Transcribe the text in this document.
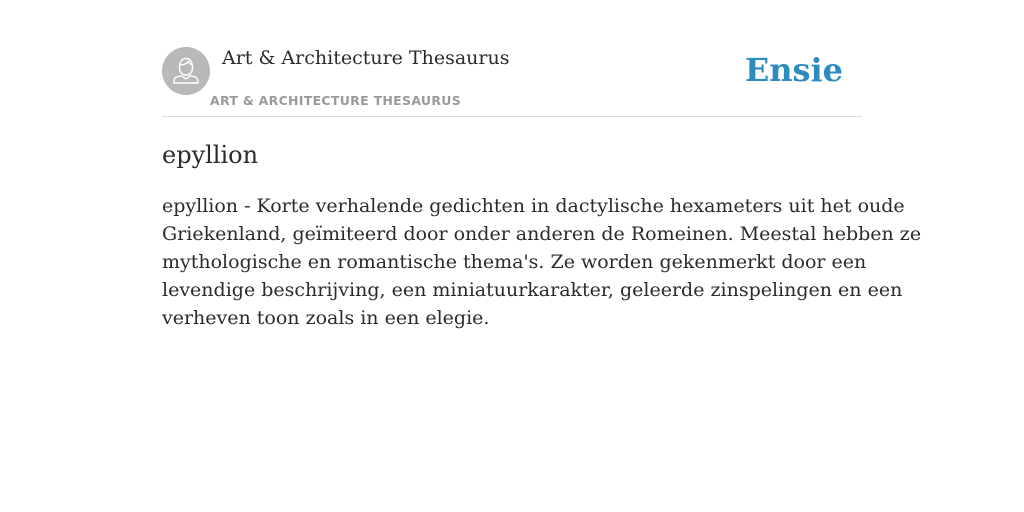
Art & Architecture Thesaurus
ART & ARCHITECTURE THESAURUS
Ensie
epyllion

epyllion - Korte verhalende gedichten in dactylische hexameters uit het oude
Griekenland, geïmiteerd door onder anderen de Romeinen. Meestal hebben ze
mythologische en romantische thema's. Ze worden gekenmerkt door een
levendige beschrijving, een miniatuurkarakter, geleerde zinspelingen en een
verheven toon zoals in een elegie.
